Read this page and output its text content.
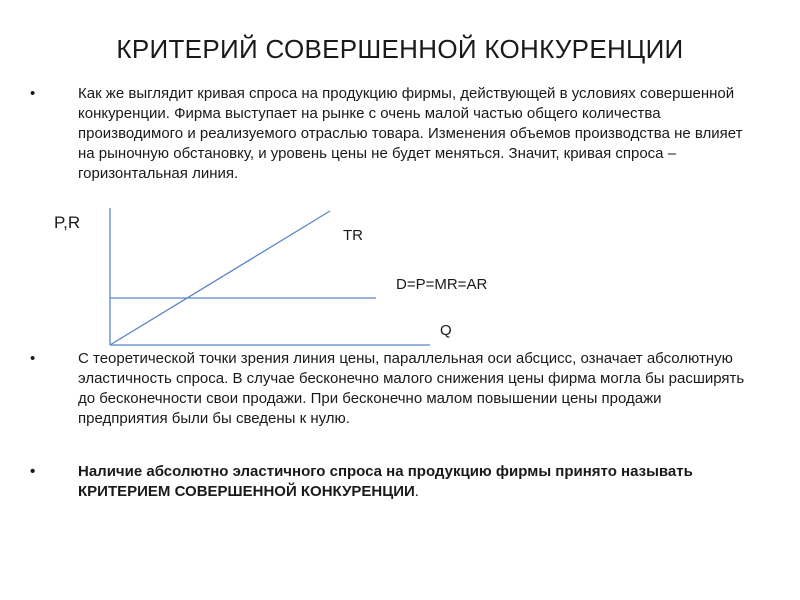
КРИТЕРИЙ СОВЕРШЕННОЙ КОНКУРЕНЦИИ
•	Как же выглядит кривая спроса на продукцию фирмы, действующей в условиях совершенной конкуренции. Фирма выступает на рынке с очень малой частью общего количества производимого и реализуемого отраслью товара. Изменения объемов производства не влияет на рыночную обстановку, и уровень цены не будет меняться. Значит, кривая спроса – горизонтальная линия.
P,R
TR
D=P=MR=AR
Q
•	C теоретической точки зрения линия цены, параллельная оси абсцисс, означает абсолютную эластичность спроса. В случае бесконечно малого снижения цены фирма могла бы расширять до бесконечности свои продажи. При бесконечно малом повышении цены продажи предприятия были бы сведены к нулю.
•	Наличие абсолютно эластичного спроса на продукцию фирмы принято называть КРИТЕРИЕМ СОВЕРШЕННОЙ КОНКУРЕНЦИИ.
